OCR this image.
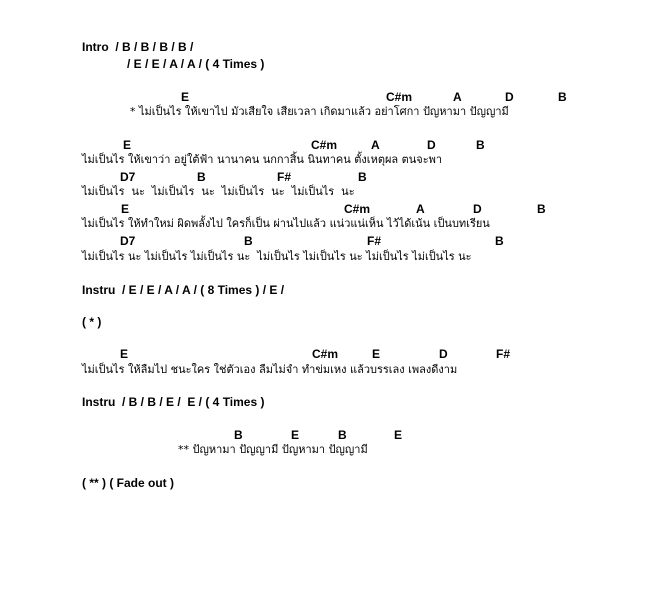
Intro  / B / B / B / B /
/ E / E / A / A / ( 4 Times )
E	C#m	A	D	B
* ไม่เป็นไร ให้เขาไป มัวเสียใจ เสียเวลา เกิดมาแล้ว อย่าโศกา ปัญหามา ปัญญามี
E	C#m	A	D	B
ไม่เป็นไร ให้เขาว่า อยู่ใต้ฟ้า นานาคน นกกาสิ้น นินทาคน ตั้งเหตุผล ตนจะพา
D7	B	F#	B
ไม่เป็นไร  นะ  ไม่เป็นไร  นะ  ไม่เป็นไร  นะ  ไม่เป็นไร  นะ
E	C#m	A	D	B
ไม่เป็นไร ให้ทำใหม่ ผิดพลั้งไป ใครก็เป็น ผ่านไปแล้ว แน่วแน่เห็น ไว้ได้เน้น เป็นบทเรียน
D7	B	F#	B
ไม่เป็นไร นะ ไม่เป็นไร ไม่เป็นไร นะ  ไม่เป็นไร ไม่เป็นไร นะ ไม่เป็นไร ไม่เป็นไร นะ
Instru  / E / E / A / A / ( 8 Times ) / E /
( * )
E	C#m	E	D	F#
ไม่เป็นไร ให้ลืมไป ชนะใคร ใช่ตัวเอง ลืมไม่จำ ทำข่มเหง แล้วบรรเลง เพลงดีงาม
Instru  / B / B / E /  E / ( 4 Times )
B	E	B	E
** ปัญหามา ปัญญามี ปัญหามา ปัญญามี
( ** ) ( Fade out )
